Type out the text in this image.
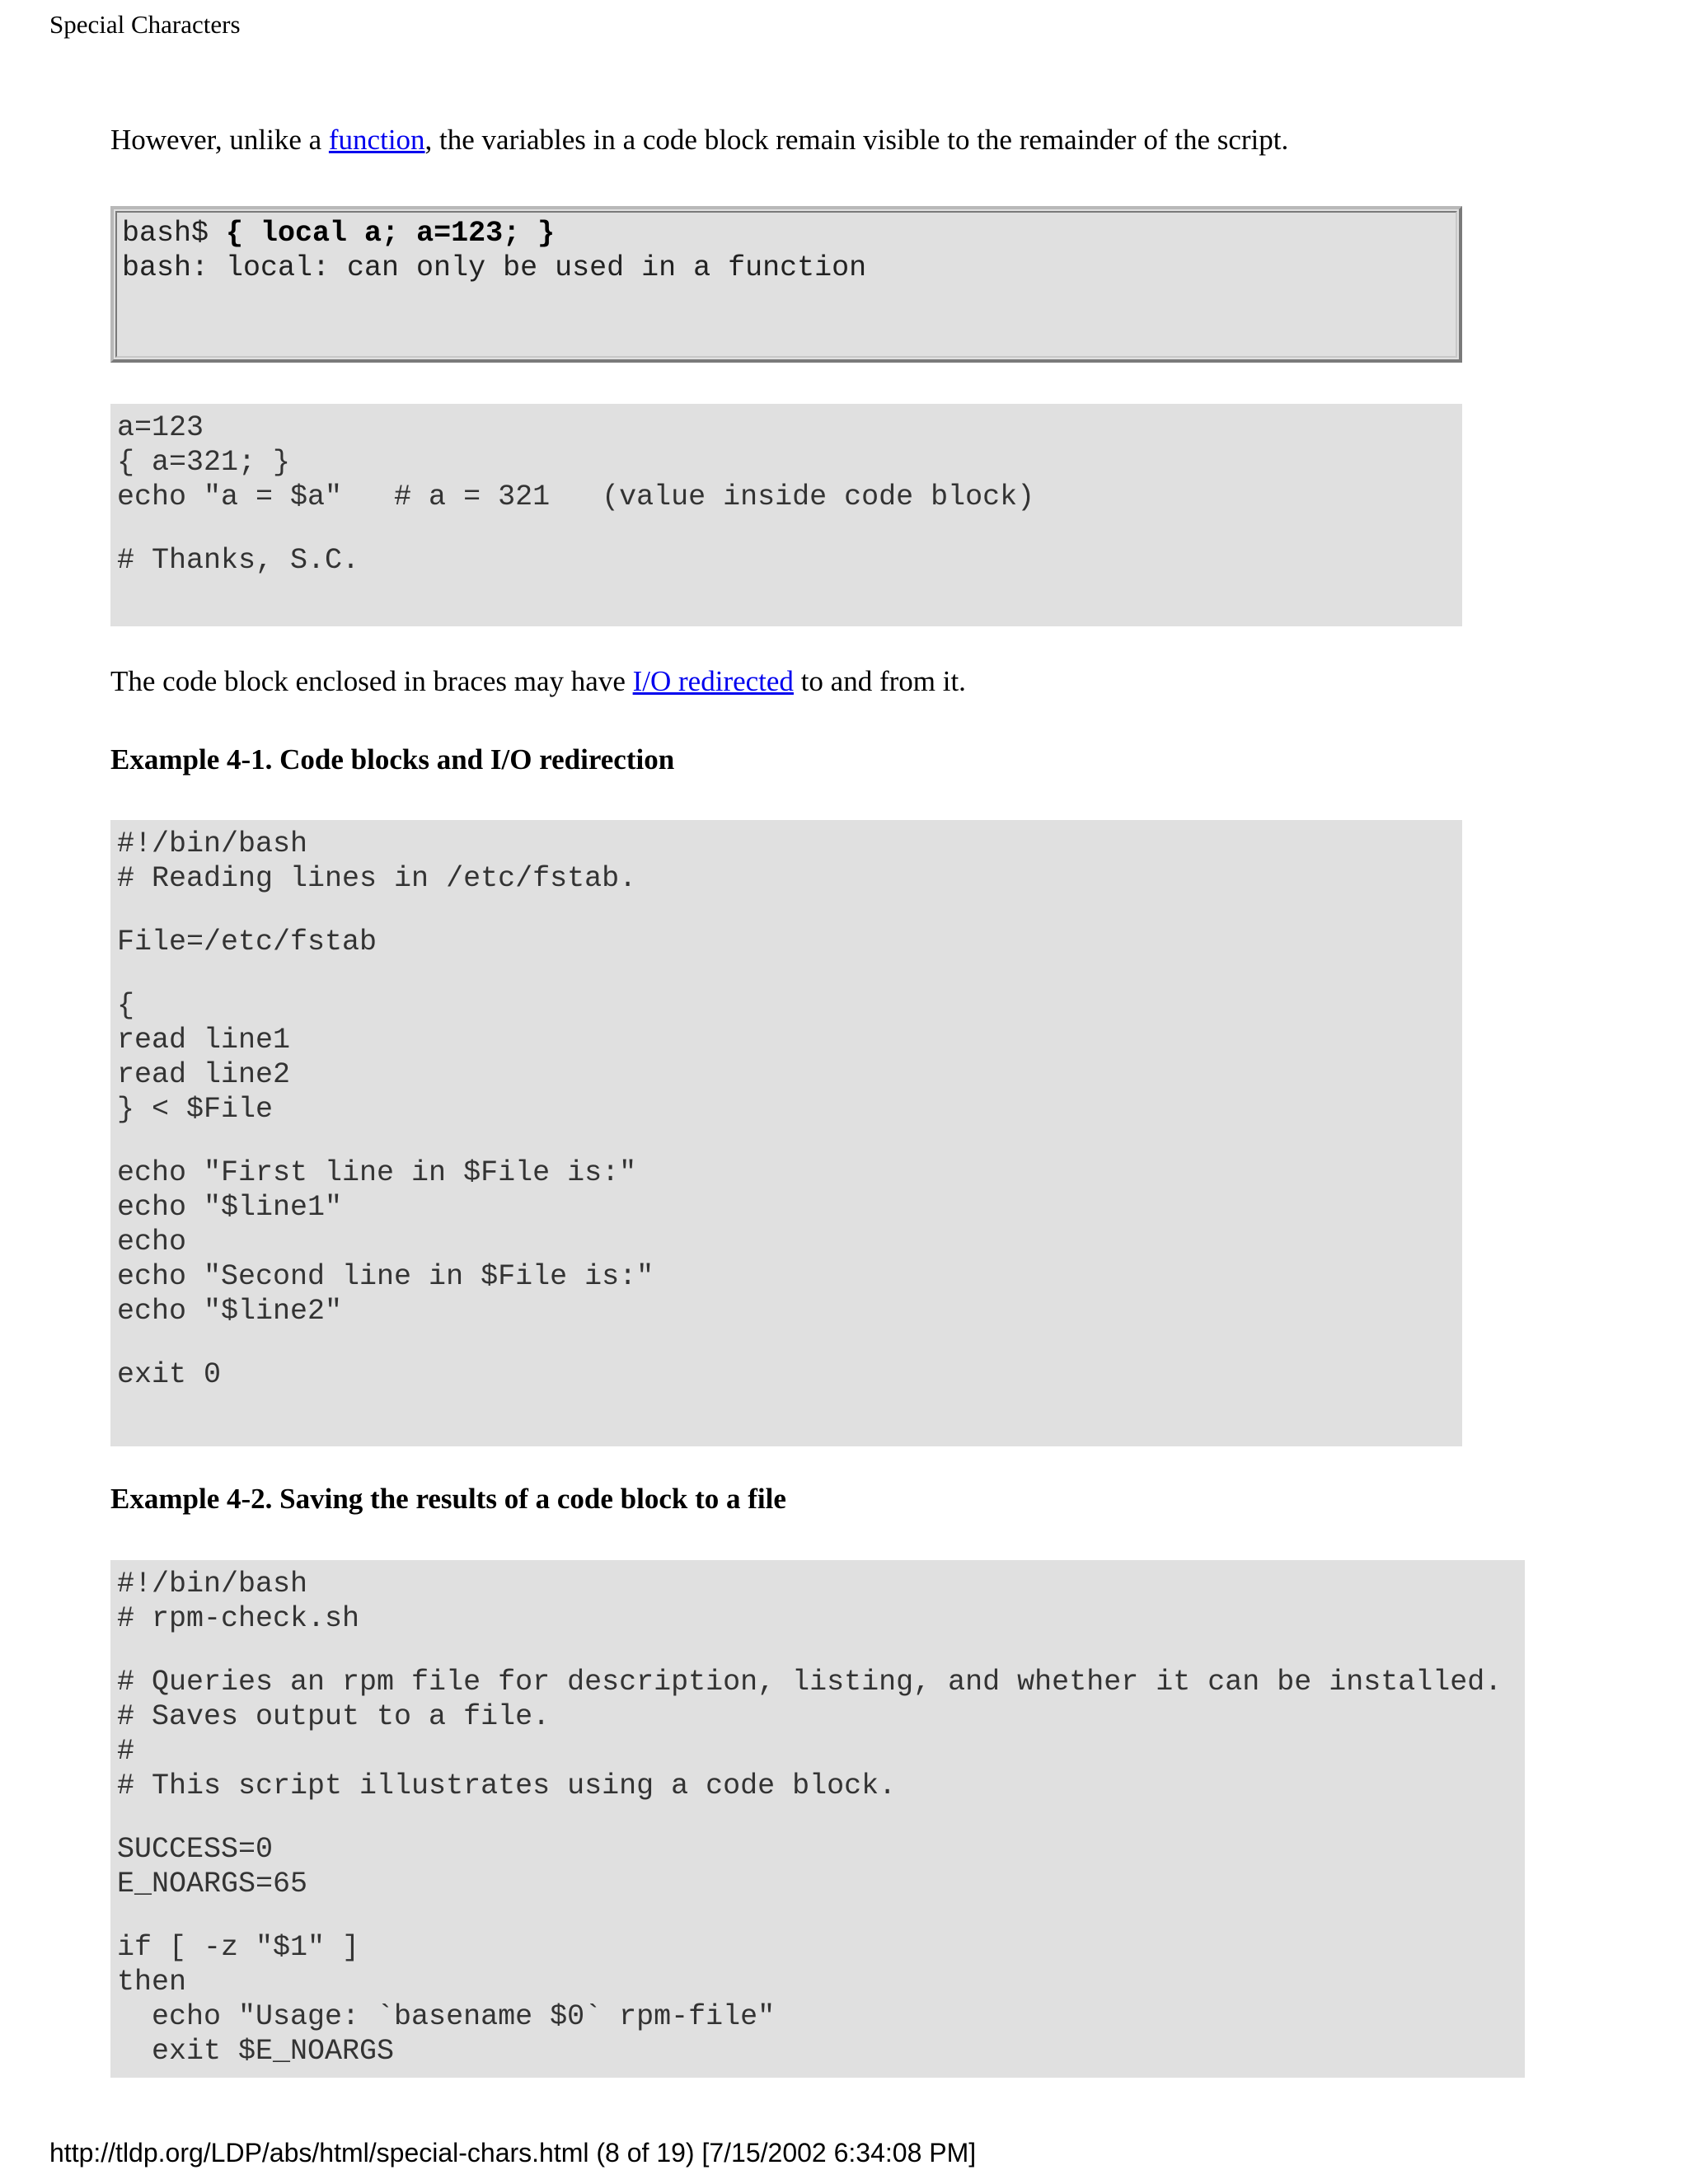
Special Characters

However, unlike a function, the variables in a code block remain visible to the remainder of the script.

bash$ { local a; a=123; }
bash: local: can only be used in a function
a=123
{ a=321; }
echo "a = $a"   # a = 321   (value inside code block)
# Thanks, S.C.

The code block enclosed in braces may have I/O redirected to and from it.

Example 4-1. Code blocks and I/O redirection

#!/bin/bash
# Reading lines in /etc/fstab.
File=/etc/fstab
{
read line1
read line2
} < $File
echo "First line in $File is:"
echo "$line1"
echo
echo "Second line in $File is:"
echo "$line2"
exit 0

Example 4-2. Saving the results of a code block to a file

#!/bin/bash
# rpm-check.sh
# Queries an rpm file for description, listing, and whether it can be installed.
# Saves output to a file.
#
# This script illustrates using a code block.
SUCCESS=0
E_NOARGS=65
if [ -z "$1" ]
then
echo "Usage: `basename $0` rpm-file"
exit $E_NOARGS
http://tldp.org/LDP/abs/html/special-chars.html (8 of 19) [7/15/2002 6:34:08 PM]
